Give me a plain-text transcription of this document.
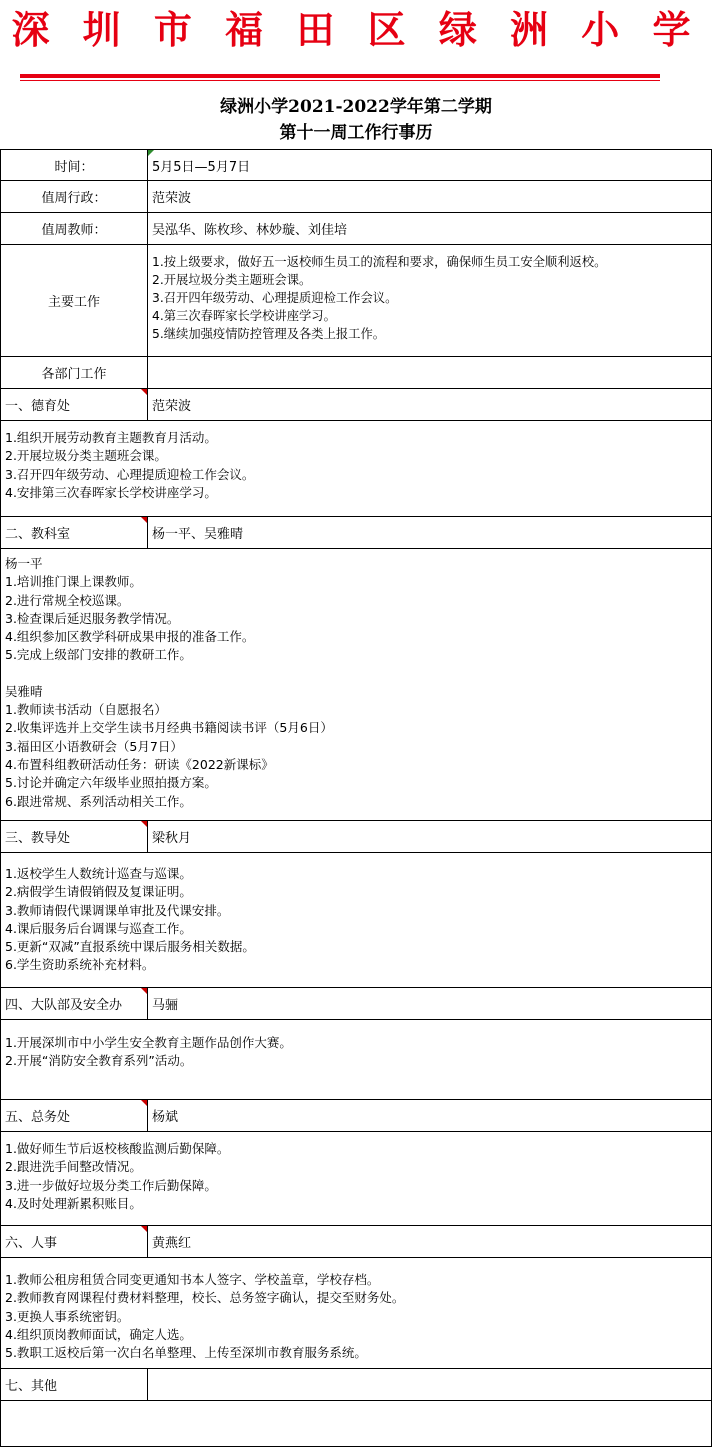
深 圳 市 福 田 区 绿 洲 小 学
绿洲小学2021-2022学年第二学期
第十一周工作行事历
时间：	5月5日—5月7日
值周行政：	范荣波
值周教师：	吴泓华、陈枚珍、林妙璇、刘佳培
主要工作
1.按上级要求，做好五一返校师生员工的流程和要求，确保师生员工安全顺利返校。
2.开展垃圾分类主题班会课。
3.召开四年级劳动、心理提质迎检工作会议。
4.第三次春晖家长学校讲座学习。
5.继续加强疫情防控管理及各类上报工作。
各部门工作
一、德育处	范荣波
1.组织开展劳动教育主题教育月活动。
2.开展垃圾分类主题班会课。
3.召开四年级劳动、心理提质迎检工作会议。
4.安排第三次春晖家长学校讲座学习。
二、教科室	杨一平、吴雅晴
杨一平
1.培训推门课上课教师。
2.进行常规全校巡课。
3.检查课后延迟服务教学情况。
4.组织参加区教学科研成果申报的准备工作。
5.完成上级部门安排的教研工作。
吴雅晴
1.教师读书活动（自愿报名）
2.收集评选并上交学生读书月经典书籍阅读书评（5月6日）
3.福田区小语教研会（5月7日）
4.布置科组教研活动任务：研读《2022新课标》
5.讨论并确定六年级毕业照拍摄方案。
6.跟进常规、系列活动相关工作。
三、教导处	梁秋月
1.返校学生人数统计巡查与巡课。
2.病假学生请假销假及复课证明。
3.教师请假代课调课单审批及代课安排。
4.课后服务后台调课与巡查工作。
5.更新“双减”直报系统中课后服务相关数据。
6.学生资助系统补充材料。
四、大队部及安全办	马骊
1.开展深圳市中小学生安全教育主题作品创作大赛。
2.开展“消防安全教育系列”活动。
五、总务处	杨斌
1.做好师生节后返校核酸监测后勤保障。
2.跟进洗手间整改情况。
3.进一步做好垃圾分类工作后勤保障。
4.及时处理新累积账目。
六、人事	黄燕红
1.教师公租房租赁合同变更通知书本人签字、学校盖章，学校存档。
2.教师教育网课程付费材料整理，校长、总务签字确认，提交至财务处。
3.更换人事系统密钥。
4.组织顶岗教师面试，确定人选。
5.教职工返校后第一次白名单整理、上传至深圳市教育服务系统。
七、其他
